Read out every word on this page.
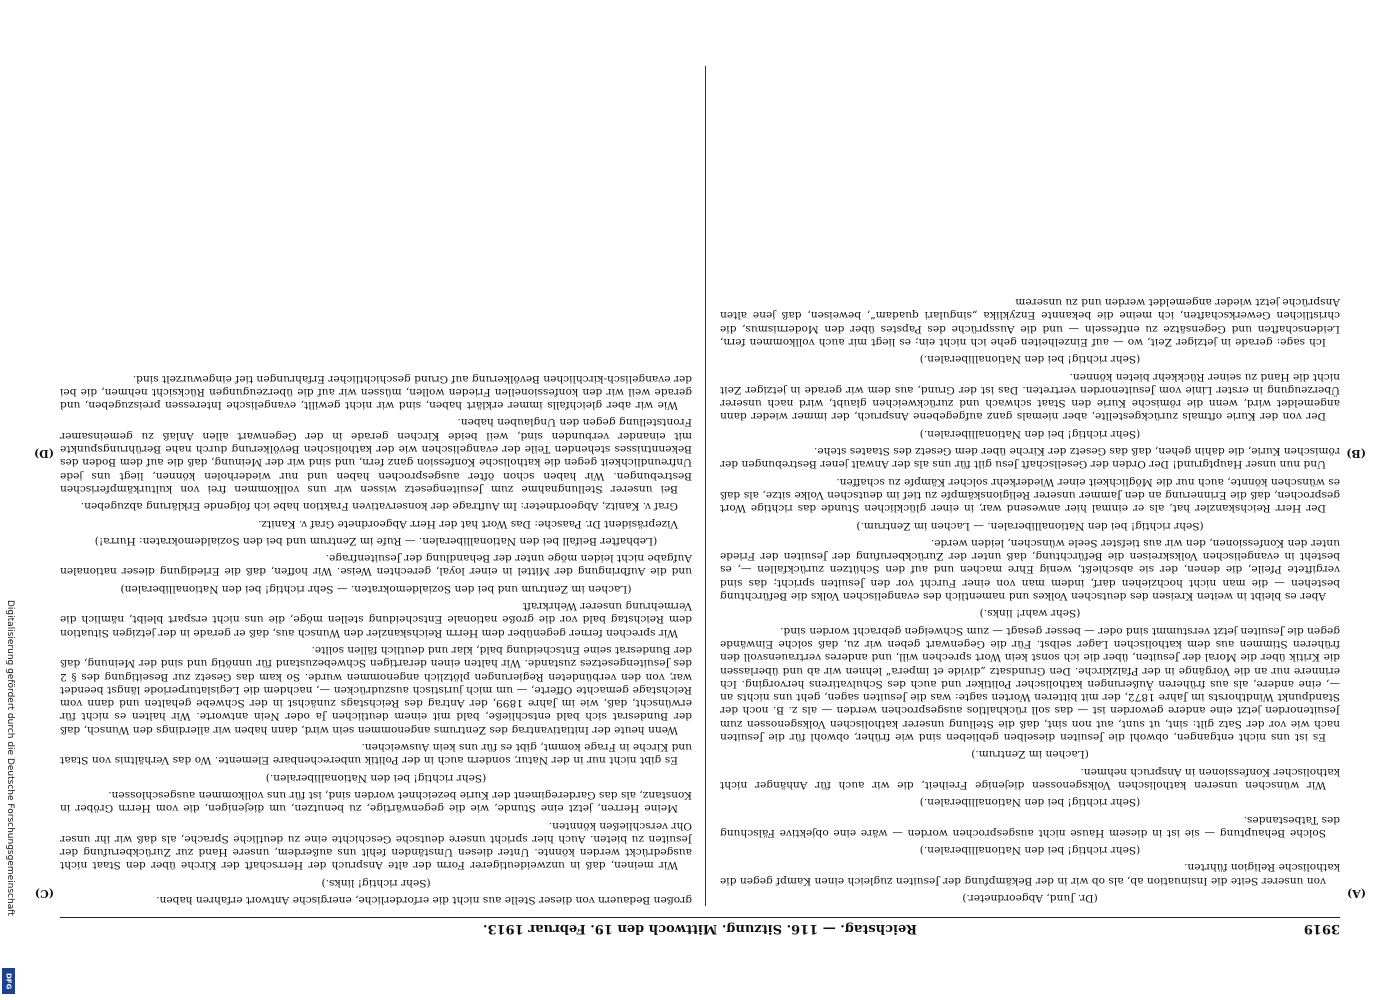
Digitalisierung gefördert durch die Deutsche Forschungsgemeinschaft
DFG
3919
Reichstag. — 116. Sitzung. Mittwoch den 19. Februar 1913.
(A)
(B)
(C)
(D)

(Dr. Jund, Abgeordneter.)

von unserer Seite die Insinuation ab, als ob wir in der Bekämpfung der Jesuiten zugleich einen Kampf gegen die katholische Religion führten.

(Sehr richtig! bei den Nationalliberalen.)

Solche Behauptung — sie ist in diesem Hause nicht ausgesprochen worden — wäre eine objektive Fälschung des Tatbestandes.

(Sehr richtig! bei den Nationalliberalen.)

Wir wünschen unseren katholischen Volksgenossen diejenige Freiheit, die wir auch für Anhänger nicht katholischer Konfessionen in Anspruch nehmen.

(Lachen im Zentrum.)

Es ist uns nicht entgangen, obwohl die Jesuiten dieselben geblieben sind wie früher, obwohl für die Jesuiten nach wie vor der Satz gilt: sint, ut sunt, aut non sint, daß die Stellung unserer katholischen Volksgenossen zum Jesuitenorden jetzt eine andere geworden ist — das soll rückhaltlos ausgesprochen werden — als z. B. noch der Standpunkt Windthorsts im Jahre 1872, der mit bitteren Worten sagte: was die Jesuiten sagen, geht uns nichts an —, eine andere, als aus früheren Äußerungen katholischer Politiker und auch des Schulvatirens hervorging. Ich erinnere nur an die Vorgänge in der Pfalzkirche. Den Grundsatz „divide et impera“ lehnen wir ab und überlassen die Kritik über die Moral der Jesuiten, über die ich sonst kein Wort sprechen will, und anderes vertrauensvoll den früheren Stimmen aus dem katholischen Lager selbst. Für die Gegenwart geben wir zu, daß solche Einwände gegen die Jesuiten jetzt verstummt sind oder — besser gesagt — zum Schweigen gebracht worden sind.

(Sehr wahr! links.)

Aber es bleibt in weiten Kreisen des deutschen Volkes und namentlich des evangelischen Volks die Befürchtung bestehen — die man nicht hochziehen darf, indem man von einer Furcht vor den Jesuiten spricht; das sind vergiftete Pfeile, die denen, der sie abschießt, wenig Ehre machen und auf den Schützen zurückfallen —, es besteht in evangelischen Volkskreisen die Befürchtung, daß unter der Zurückberufung der Jesuiten der Friede unter den Konfessionen, den wir aus tiefster Seele wünschen, leiden werde.

(Sehr richtig! bei den Nationalliberalen. — Lachen im Zentrum.)

Der Herr Reichskanzler hat, als er einmal hier anwesend war, in einer glücklichen Stunde das richtige Wort gesprochen, daß die Erinnerung an den Jammer unserer Religionskämpfe zu tief im deutschen Volke sitze, als daß es wünschen könnte, auch nur die Möglichkeit einer Wiederkehr solcher Kämpfe zu schaffen.

Und nun unser Hauptgrund! Der Orden der Gesellschaft Jesu gilt für uns als der Anwalt jener Bestrebungen der römischen Kurie, die dahin gehen, daß das Gesetz der Kirche über dem Gesetz des Staates stehe.

(Sehr richtig! bei den Nationalliberalen.)

Der von der Kurie oftmals zurückgestellte, aber niemals ganz aufgegebene Anspruch, der immer wieder dann angemeldet wird, wenn die römische Kurie den Staat schwach und zurückweichen glaubt, wird nach unserer Überzeugung in erster Linie vom Jesuitenorden vertreten. Das ist der Grund, aus dem wir gerade in jetziger Zeit nicht die Hand zu seiner Rückkehr bieten können.

(Sehr richtig! bei den Nationalliberalen.)

Ich sage: gerade in jetziger Zeit, wo — auf Einzelheiten gehe ich nicht ein; es liegt mir auch vollkommen fern, Leidenschaften und Gegensätze zu entfesseln — und die Aussprüche des Papstes über den Modernismus, die christlichen Gewerkschaften, ich meine die bekannte Enzyklika „singulari quadam“, beweisen, daß jene alten Ansprüche jetzt wieder angemeldet werden und zu unserem

großen Bedauern von dieser Stelle aus nicht die erforderliche, energische Antwort erfahren haben.

(Sehr richtig! links.)

Wir meinen, daß in unzweideutigerer Form der alte Anspruch der Herrschaft der Kirche über den Staat nicht ausgedrückt werden könnte. Unter diesen Umständen fehlt uns außerdem, unsere Hand zur Zurückberufung der Jesuiten zu bieten. Auch hier spricht unsere deutsche Geschichte eine zu deutliche Sprache, als daß wir ihr unser Ohr verschließen könnten.

Meine Herren, jetzt eine Stunde, wie die gegenwärtige, zu benutzen, um diejenigen, die vom Herrn Gröber in Konstanz, als das Garderegiment der Kurie bezeichnet worden sind, ist für uns vollkommen ausgeschlossen.

(Sehr richtig! bei den Nationalliberalen.)

Es gibt nicht nur in der Natur, sondern auch in der Politik unberechenbare Elemente. Wo das Verhältnis von Staat und Kirche in Frage kommt, gibt es für uns kein Ausweichen.

Wenn heute der Initiativantrag des Zentrums angenommen sein wird, dann haben wir allerdings den Wunsch, daß der Bundesrat sich bald entschließe, bald mit einem deutlichen Ja oder Nein antworte. Wir halten es nicht für erwünscht, daß, wie im Jahre 1899, der Antrag des Reichstags zunächst in der Schwebe gehalten und dann vom Reichstage gemachte Offerte, — um mich juristisch auszudrücken —, nachdem die Legislaturperiode längst beendet war, von den verbündeten Regierungen plötzlich angenommen wurde. So kam das Gesetz zur Beseitigung des § 2 des Jesuitengesetzes zustande. Wir halten einen derartigen Schwebezustand für unnötig und sind der Meinung, daß der Bundesrat seine Entscheidung bald, klar und deutlich fällen sollte.

Wir sprechen ferner gegenüber dem Herrn Reichskanzler den Wunsch aus, daß er gerade in der jetzigen Situation dem Reichstag bald vor die große nationale Entscheidung stellen möge, die uns nicht erspart bleibt, nämlich die Vermehrung unserer Wehrkraft

(Lachen im Zentrum und bei den Sozialdemokraten. — Sehr richtig! bei den Nationalliberalen)

und die Aufbringung der Mittel in einer loyal, gerechten Weise. Wir hoffen, daß die Erledigung dieser nationalen Aufgabe nicht leiden möge unter der Behandlung der Jesuitenfrage.

(Lebhafter Beifall bei den Nationalliberalen. — Rufe im Zentrum und bei den Sozialdemokraten: Hurra!)

Vizepräsident Dr. Paasche: Das Wort hat der Herr Abgeordnete Graf v. Kanitz.

Graf v. Kanitz, Abgeordneter: Im Auftrage der konservativen Fraktion habe ich folgende Erklärung abzugeben.

Bei unserer Stellungnahme zum Jesuitengesetz wissen wir uns vollkommen frei von kulturkämpferischen Bestrebungen. Wir haben schon öfter ausgesprochen haben und nur wiederholen können, liegt uns jede Unfreundlichkeit gegen die katholische Konfession ganz fern, und sind wir der Meinung, daß die auf dem Boden des Bekenntnisses stehenden Teile der evangelischen wie der katholischen Bevölkerung durch nahe Berührungspunkte mit einander verbunden sind, weil beide Kirchen gerade in der Gegenwart allen Anlaß zu gemeinsamer Frontstellung gegen den Unglauben haben.

Wie wir aber gleichfalls immer erklärt haben, sind wir nicht gewillt, evangelische Interessen preiszugeben, und gerade weil wir den konfessionellen Frieden wollen, müssen wir auf die überzeugungen Rücksicht nehmen, die bei der evangelisch-kirchlichen Bevölkerung auf Grund geschichtlicher Erfahrungen tief eingewurzelt sind.
